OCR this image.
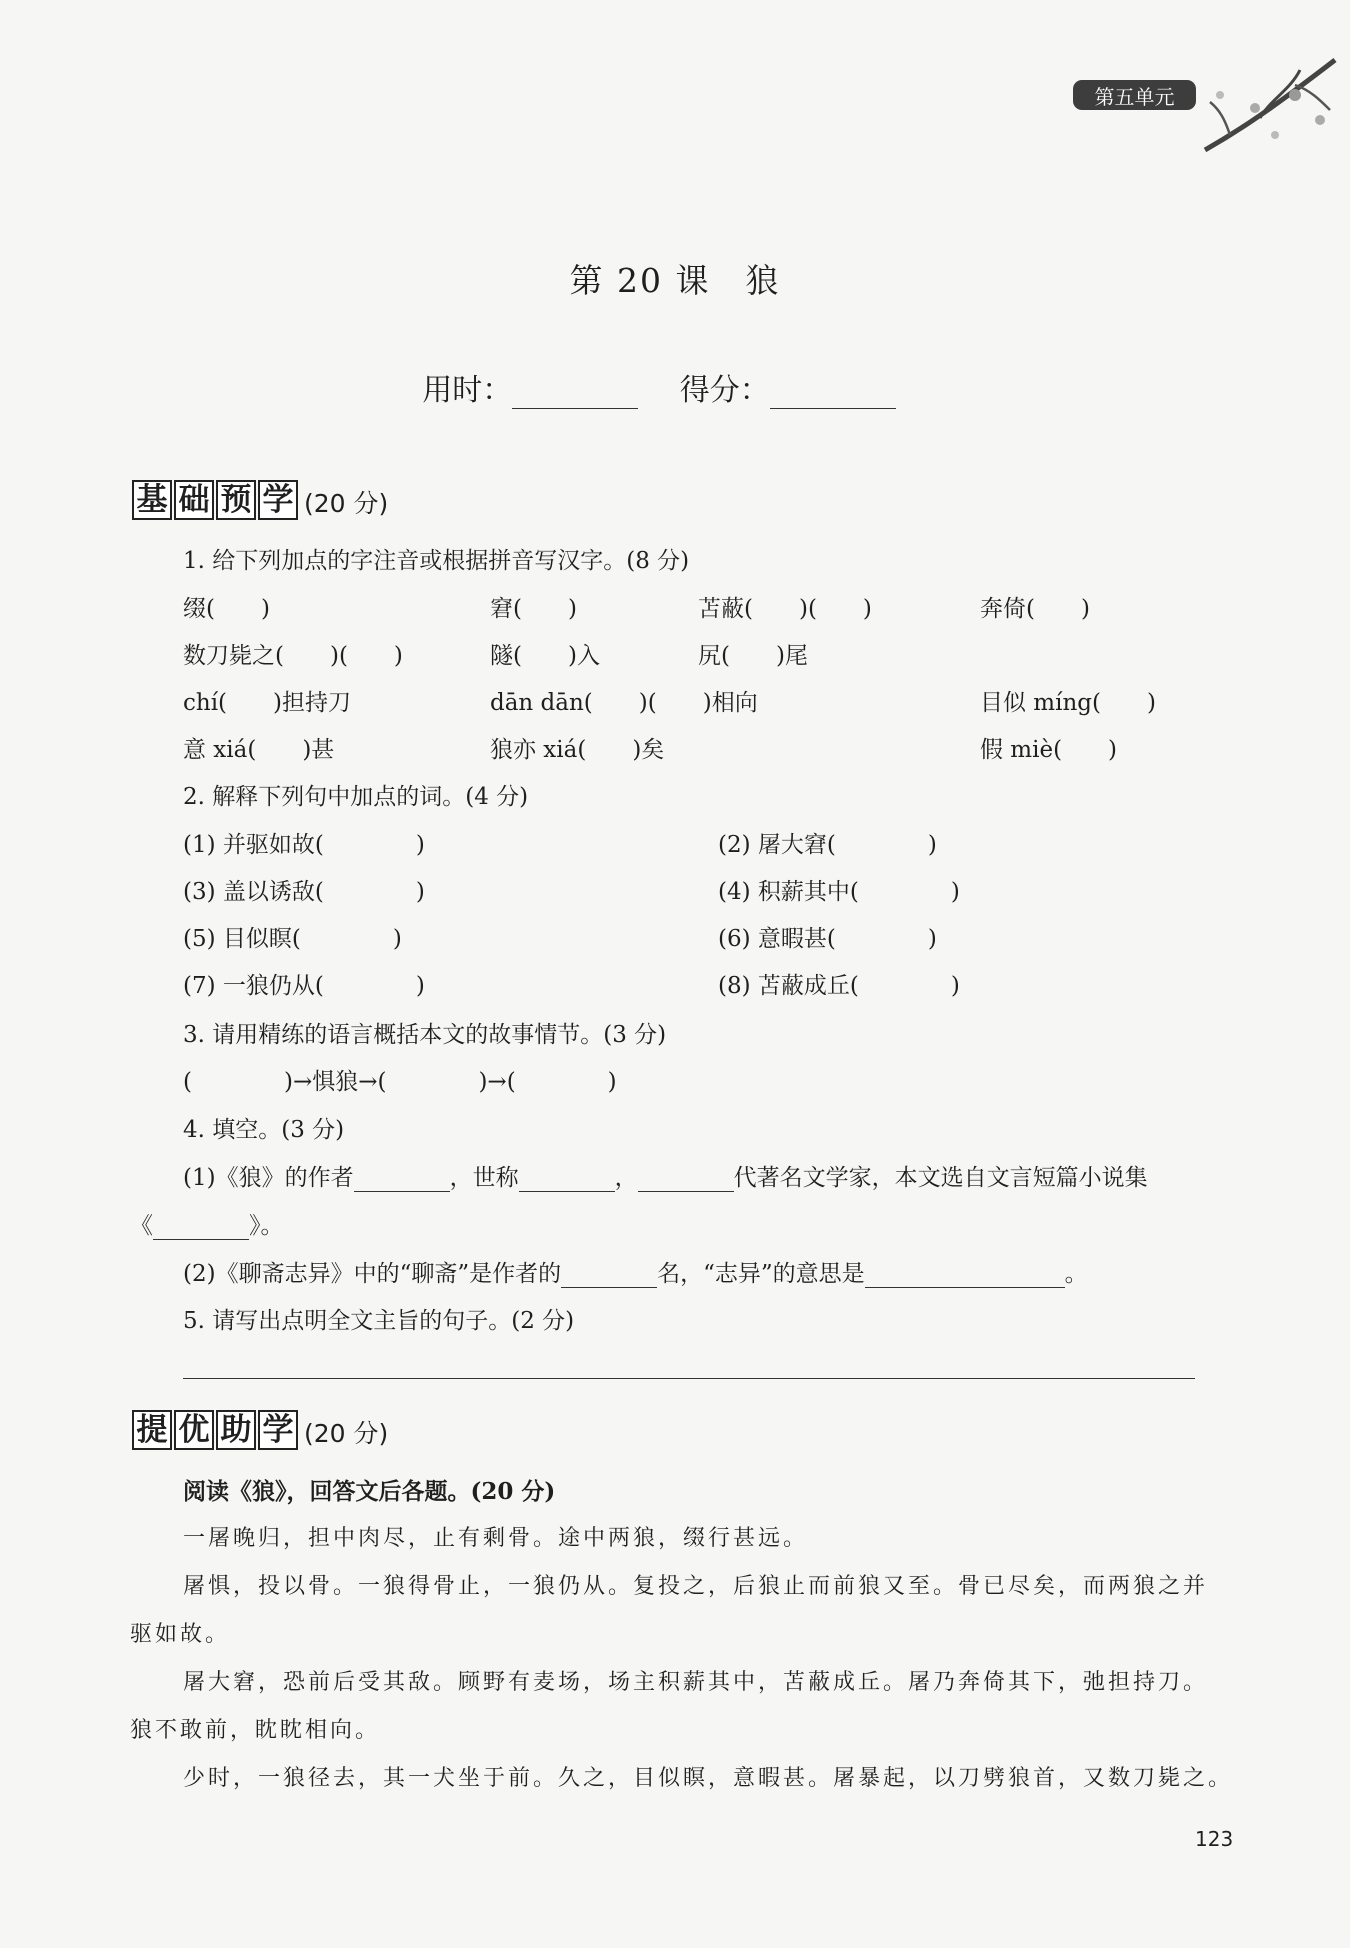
第五单元
第 20 课　狼
用时：	得分：
基 础 预 学 (20 分)
1. 给下列加点的字注音或根据拼音写汉字。(8 分)
缀(　　)	窘(　　)	苫蔽(　　)(　　)	奔倚(　　)
数刀毙之(　　)(　　)	隧(　　)入	尻(　　)尾
chí(　　)担持刀	dān dān(　　)(　　)相向	目似 míng(　　)
意 xiá(　　)甚	狼亦 xiá(　　)矣	假 miè(　　)
2. 解释下列句中加点的词。(4 分)
(1) 并驱如故(　　　　)	(2) 屠大窘(　　　　)
(3) 盖以诱敌(　　　　)	(4) 积薪其中(　　　　)
(5) 目似瞑(　　　　)	(6) 意暇甚(　　　　)
(7) 一狼仍从(　　　　)	(8) 苫蔽成丘(　　　　)
3. 请用精练的语言概括本文的故事情节。(3 分)
(　　　　)→惧狼→(　　　　)→(　　　　)
4. 填空。(3 分)
(1)《狼》的作者	，世称	，	代著名文学家，本文选自文言短篇小说集
《	》。
(2)《聊斋志异》中的“聊斋”是作者的	名，“志异”的意思是	。
5. 请写出点明全文主旨的句子。(2 分)
提 优 助 学 (20 分)
阅读《狼》，回答文后各题。(20 分)
一屠晚归，担中肉尽，止有剩骨。途中两狼，缀行甚远。
屠惧，投以骨。一狼得骨止，一狼仍从。复投之，后狼止而前狼又至。骨已尽矣，而两狼之并
驱如故。
屠大窘，恐前后受其敌。顾野有麦场，场主积薪其中，苫蔽成丘。屠乃奔倚其下，弛担持刀。
狼不敢前，眈眈相向。
少时，一狼径去，其一犬坐于前。久之，目似瞑，意暇甚。屠暴起，以刀劈狼首，又数刀毙之。
123
